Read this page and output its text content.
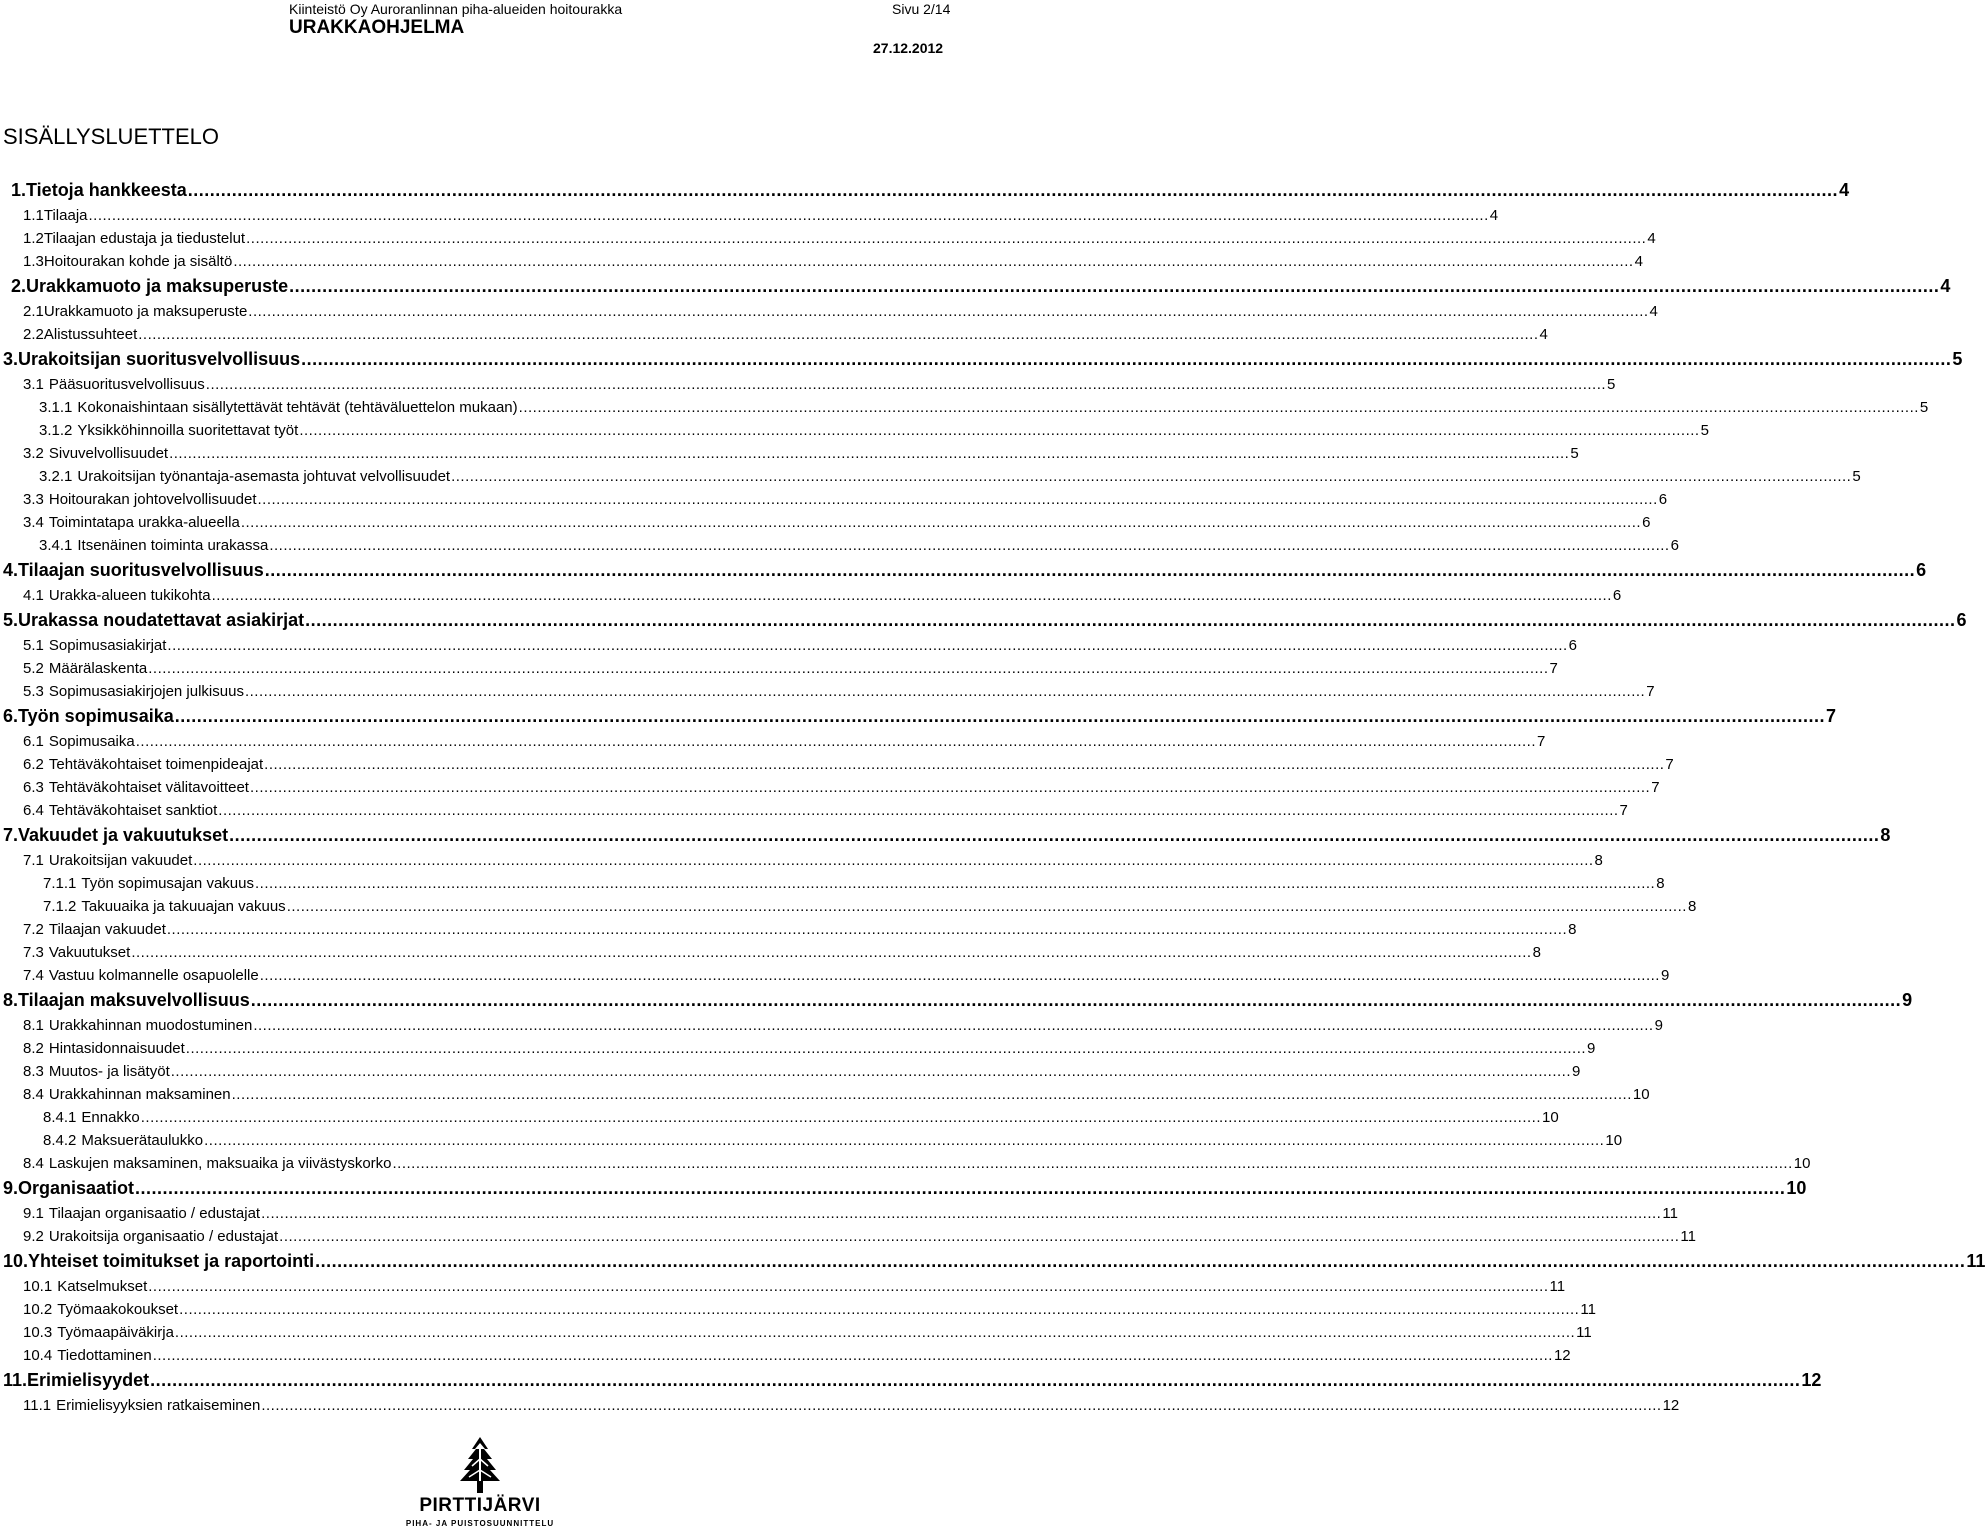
Kiinteistö Oy Auroranlinnan piha-alueiden hoitourakka	Sivu 2/14
URAKKAOHJELMA
27.12.2012
SISÄLLYSLUETTELO
1. Tietoja hankkeesta ............................................................................................................................................................................................................................................................................................................ 4
1.1 Tilaaja ............................................................................................................................................................................................................................................................................................................ 4
1.2 Tilaajan edustaja ja tiedustelut ............................................................................................................................................................................................................................................................................................................ 4
1.3 Hoitourakan kohde ja sisältö ............................................................................................................................................................................................................................................................................................................ 4
2. Urakkamuoto ja maksuperuste ............................................................................................................................................................................................................................................................................................................ 4
2.1 Urakkamuoto ja maksuperuste ............................................................................................................................................................................................................................................................................................................ 4
2.2 Alistussuhteet ............................................................................................................................................................................................................................................................................................................ 4
3. Urakoitsijan suoritusvelvollisuus ............................................................................................................................................................................................................................................................................................................ 5
3.1 Pääsuoritusvelvollisuus ............................................................................................................................................................................................................................................................................................................ 5
3.1.1 Kokonaishintaan sisällytettävät tehtävät (tehtäväluettelon mukaan) ............................................................................................................................................................................................................................................................................................................ 5
3.1.2 Yksikköhinnoilla suoritettavat työt ............................................................................................................................................................................................................................................................................................................ 5
3.2 Sivuvelvollisuudet ............................................................................................................................................................................................................................................................................................................ 5
3.2.1 Urakoitsijan työnantaja-asemasta johtuvat velvollisuudet ............................................................................................................................................................................................................................................................................................................ 5
3.3 Hoitourakan johtovelvollisuudet ............................................................................................................................................................................................................................................................................................................ 6
3.4 Toimintatapa urakka-alueella ............................................................................................................................................................................................................................................................................................................ 6
3.4.1 Itsenäinen toiminta urakassa ............................................................................................................................................................................................................................................................................................................ 6
4. Tilaajan suoritusvelvollisuus ............................................................................................................................................................................................................................................................................................................ 6
4.1 Urakka-alueen tukikohta ............................................................................................................................................................................................................................................................................................................ 6
5. Urakassa noudatettavat asiakirjat ............................................................................................................................................................................................................................................................................................................ 6
5.1 Sopimusasiakirjat ............................................................................................................................................................................................................................................................................................................ 6
5.2 Määrälaskenta ............................................................................................................................................................................................................................................................................................................ 7
5.3 Sopimusasiakirjojen julkisuus ............................................................................................................................................................................................................................................................................................................ 7
6. Työn sopimusaika ............................................................................................................................................................................................................................................................................................................ 7
6.1 Sopimusaika ............................................................................................................................................................................................................................................................................................................ 7
6.2 Tehtäväkohtaiset toimenpideajat ............................................................................................................................................................................................................................................................................................................ 7
6.3 Tehtäväkohtaiset välitavoitteet ............................................................................................................................................................................................................................................................................................................ 7
6.4 Tehtäväkohtaiset sanktiot ............................................................................................................................................................................................................................................................................................................ 7
7. Vakuudet ja vakuutukset ............................................................................................................................................................................................................................................................................................................ 8
7.1 Urakoitsijan vakuudet ............................................................................................................................................................................................................................................................................................................ 8
7.1.1 Työn sopimusajan vakuus ............................................................................................................................................................................................................................................................................................................ 8
7.1.2 Takuuaika ja takuuajan vakuus ............................................................................................................................................................................................................................................................................................................ 8
7.2 Tilaajan vakuudet ............................................................................................................................................................................................................................................................................................................ 8
7.3 Vakuutukset ............................................................................................................................................................................................................................................................................................................ 8
7.4 Vastuu kolmannelle osapuolelle ............................................................................................................................................................................................................................................................................................................ 9
8. Tilaajan maksuvelvollisuus ............................................................................................................................................................................................................................................................................................................ 9
8.1 Urakkahinnan muodostuminen ............................................................................................................................................................................................................................................................................................................ 9
8.2 Hintasidonnaisuudet ............................................................................................................................................................................................................................................................................................................ 9
8.3 Muutos- ja lisätyöt ............................................................................................................................................................................................................................................................................................................ 9
8.4 Urakkahinnan maksaminen ............................................................................................................................................................................................................................................................................................................ 10
8.4.1 Ennakko ............................................................................................................................................................................................................................................................................................................ 10
8.4.2 Maksuerätaulukko ............................................................................................................................................................................................................................................................................................................ 10
8.4 Laskujen maksaminen, maksuaika ja viivästyskorko ............................................................................................................................................................................................................................................................................................................ 10
9. Organisaatiot ............................................................................................................................................................................................................................................................................................................ 10
9.1 Tilaajan organisaatio / edustajat ............................................................................................................................................................................................................................................................................................................ 11
9.2 Urakoitsija organisaatio / edustajat ............................................................................................................................................................................................................................................................................................................ 11
10. Yhteiset toimitukset ja raportointi ............................................................................................................................................................................................................................................................................................................ 11
10.1 Katselmukset ............................................................................................................................................................................................................................................................................................................ 11
10.2 Työmaakokoukset ............................................................................................................................................................................................................................................................................................................ 11
10.3 Työmaapäiväkirja ............................................................................................................................................................................................................................................................................................................ 11
10.4 Tiedottaminen ............................................................................................................................................................................................................................................................................................................ 12
11. Erimielisyydet ............................................................................................................................................................................................................................................................................................................ 12
11.1 Erimielisyyksien ratkaiseminen ............................................................................................................................................................................................................................................................................................................ 12
PIRTTIJÄRVI
PIHA- JA PUISTOSUUNNITTELU
